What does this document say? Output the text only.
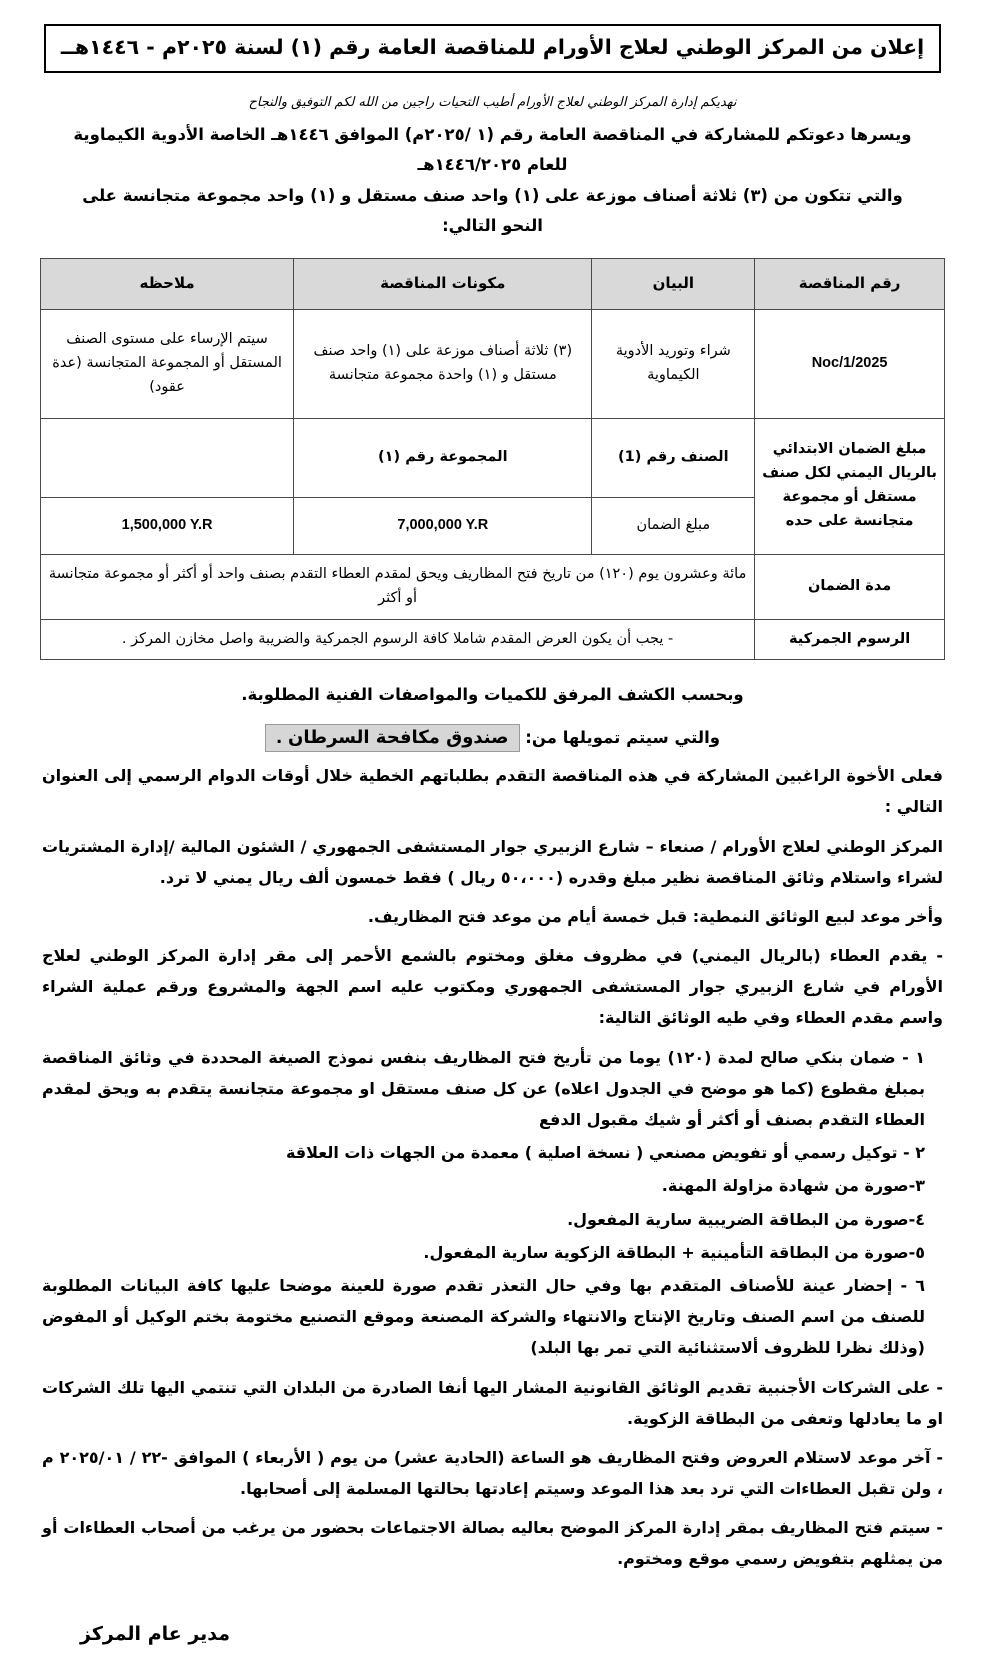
إعلان من المركز الوطني لعلاج الأورام للمناقصة العامة رقم (١) لسنة ٢٠٢٥م - ١٤٤٦هــ
نهديكم إدارة المركز الوطني لعلاج الأورام أطيب التحيات راجين من الله لكم التوفيق والنجاح
ويسرها دعوتكم للمشاركة في المناقصة العامة رقم (١ /٢٠٢٥م) الموافق ١٤٤٦هـ الخاصة الأدوية الكيماوية للعام ١٤٤٦/٢٠٢٥هـ
والتي تتكون من (٣) ثلاثة أصناف موزعة على (١) واحد صنف مستقل و (١) واحد مجموعة متجانسة على النحو التالي:
رقم المناقصة	البيان	مكونات المناقصة	ملاحظه
Noc/1/2025	شراء وتوريد الأدوية الكيماوية	(٣) ثلاثة أصناف موزعة على (١) واحد صنف مستقل و (١) واحدة مجموعة متجانسة	سيتم الإرساء على مستوى الصنف المستقل أو المجموعة المتجانسة (عدة عقود)
مبلغ الضمان الابتدائي بالريال اليمني لكل صنف مستقل أو مجموعة متجانسة على حده	الصنف رقم (1)	المجموعة رقم (١)	
	مبلغ الضمان	7,000,000 Y.R	1,500,000 Y.R
مدة الضمان	مائة وعشرون يوم (١٢٠) من تاريخ فتح المظاريف ويحق لمقدم العطاء التقدم بصنف واحد أو أكثر أو مجموعة متجانسة أو أكثر		
الرسوم الجمركية	- يجب أن يكون العرض المقدم شاملا كافة الرسوم الجمركية والضريبة واصل مخازن المركز .		
وبحسب الكشف المرفق للكميات والمواصفات الفنية المطلوبة.
والتي سيتم تمويلها من: صندوق مكافحة السرطان .

فعلى الأخوة الراغبين المشاركة في هذه المناقصة التقدم بطلباتهم الخطية خلال أوقات الدوام الرسمي إلى العنوان التالي :

المركز الوطني لعلاج الأورام / صنعاء – شارع الزبيري جوار المستشفى الجمهوري / الشئون المالية /إدارة المشتريات لشراء واستلام وثائق المناقصة نظير مبلغ وقدره (٥٠،٠٠٠ ريال ) فقط خمسون ألف ريال يمني لا ترد.

وأخر موعد لبيع الوثائق النمطية: قبل خمسة أيام من موعد فتح المظاريف.

- يقدم العطاء (بالريال اليمني) في مظروف مغلق ومختوم بالشمع الأحمر إلى مقر إدارة المركز الوطني لعلاج الأورام في شارع الزبيري جوار المستشفى الجمهوري ومكتوب عليه اسم الجهة والمشروع ورقم عملية الشراء واسم مقدم العطاء وفي طيه الوثائق التالية:

١ - ضمان بنكي صالح لمدة (١٢٠) يوما من تأريخ فتح المظاريف بنفس نموذج الصيغة المحددة في وثائق المناقصة بمبلغ مقطوع (كما هو موضح في الجدول اعلاه) عن كل صنف مستقل او مجموعة متجانسة يتقدم به ويحق لمقدم العطاء التقدم بصنف أو أكثر أو شيك مقبول الدفع
٢ - توكيل رسمي أو تفويض مصنعي ( نسخة اصلية ) معمدة من الجهات ذات العلاقة
٣-صورة من شهادة مزاولة المهنة.
٤-صورة من البطاقة الضريبية سارية المفعول.
٥-صورة من البطاقة التأمينية + البطاقة الزكوية سارية المفعول.
٦ - إحضار عينة للأصناف المتقدم بها وفي حال التعذر تقدم صورة للعينة موضحا عليها كافة البيانات المطلوبة للصنف من اسم الصنف وتاريخ الإنتاج والانتهاء والشركة المصنعة وموقع التصنيع مختومة بختم الوكيل أو المفوض (وذلك نظرا للظروف ألاستثنائية التي تمر بها البلد)

- على الشركات الأجنبية تقديم الوثائق القانونية المشار اليها أنفا الصادرة من البلدان التي تنتمي اليها تلك الشركات او ما يعادلها وتعفى من البطاقة الزكوية.

- آخر موعد لاستلام العروض وفتح المظاريف هو الساعة (الحادية عشر) من يوم ( الأربعاء ) الموافق -٢٢ / ٢٠٢٥/٠١ م ، ولن تقبل العطاءات التي ترد بعد هذا الموعد وسيتم إعادتها بحالتها المسلمة إلى أصحابها.

- سيتم فتح المظاريف بمقر إدارة المركز الموضح بعاليه بصالة الاجتماعات بحضور من يرغب من أصحاب العطاءات أو من يمثلهم بتفويض رسمي موقع ومختوم.

مدير عام المركز
